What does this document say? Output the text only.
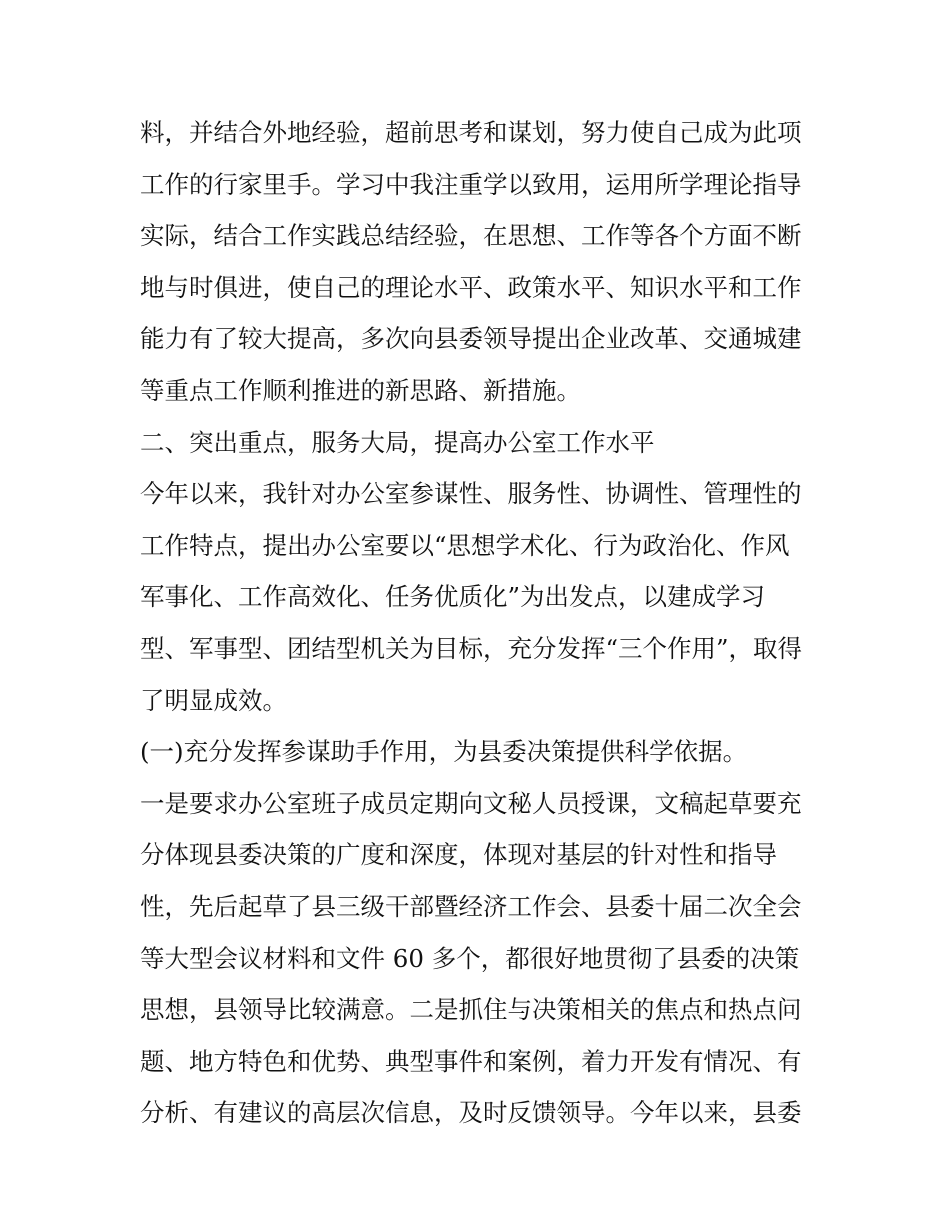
料，并结合外地经验，超前思考和谋划，努力使自己成为此项
工作的行家里手。学习中我注重学以致用，运用所学理论指导
实际，结合工作实践总结经验，在思想、工作等各个方面不断
地与时俱进，使自己的理论水平、政策水平、知识水平和工作
能力有了较大提高，多次向县委领导提出企业改革、交通城建
等重点工作顺利推进的新思路、新措施。
二、突出重点，服务大局，提高办公室工作水平
今年以来，我针对办公室参谋性、服务性、协调性、管理性的
工作特点，提出办公室要以“思想学术化、行为政治化、作风
军事化、工作高效化、任务优质化”为出发点，以建成学习
型、军事型、团结型机关为目标，充分发挥“三个作用”，取得
了明显成效。
(一)充分发挥参谋助手作用，为县委决策提供科学依据。
一是要求办公室班子成员定期向文秘人员授课，文稿起草要充
分体现县委决策的广度和深度，体现对基层的针对性和指导
性，先后起草了县三级干部暨经济工作会、县委十届二次全会
等大型会议材料和文件 60 多个，都很好地贯彻了县委的决策
思想，县领导比较满意。二是抓住与决策相关的焦点和热点问
题、地方特色和优势、典型事件和案例，着力开发有情况、有
分析、有建议的高层次信息，及时反馈领导。今年以来，县委
